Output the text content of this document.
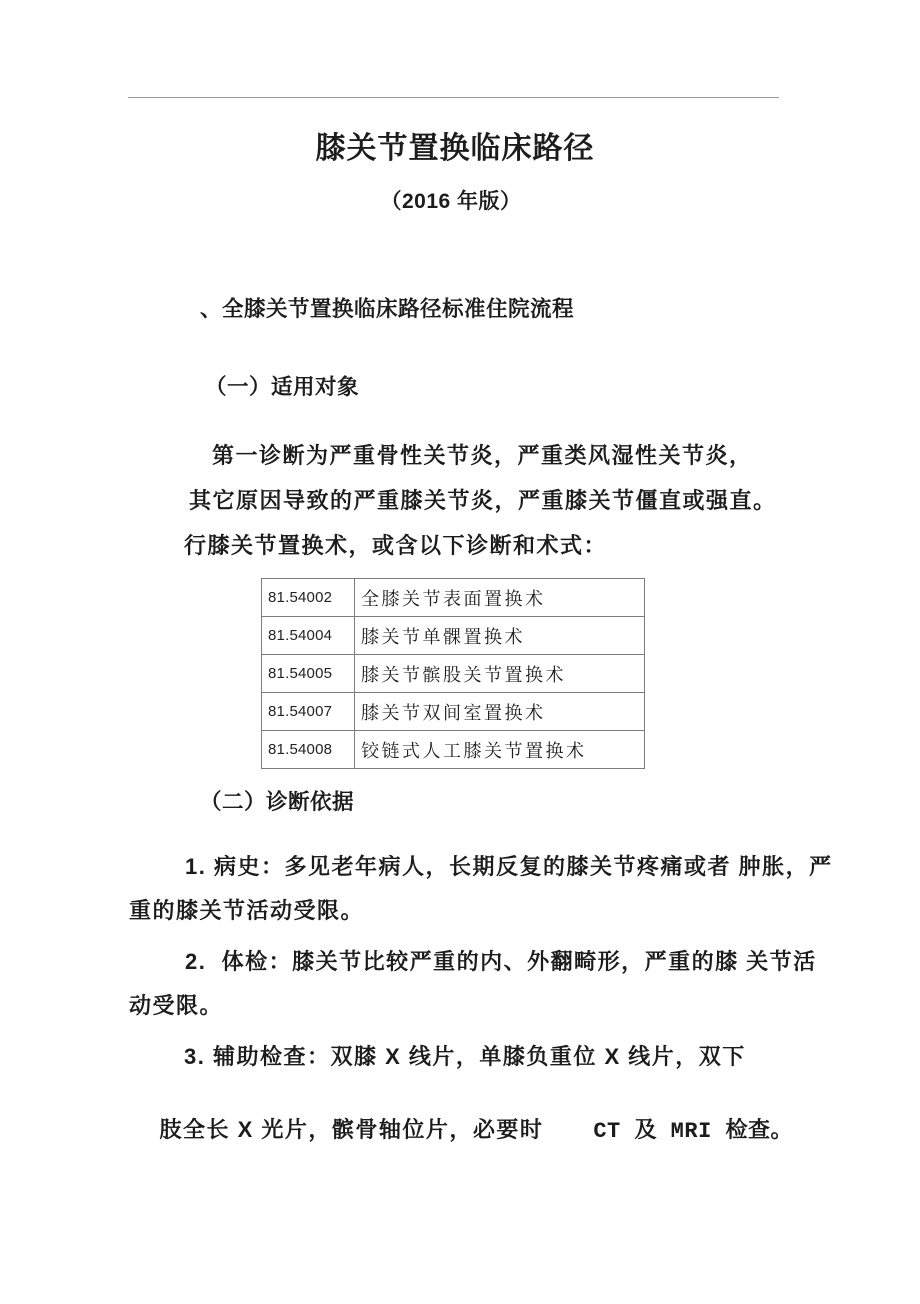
膝关节置换临床路径
（2016 年版）
、全膝关节置换临床路径标准住院流程
（一）适用对象
第一诊断为严重骨性关节炎，严重类风湿性关节炎，
其它原因导致的严重膝关节炎，严重膝关节僵直或强直。
行膝关节置换术，或含以下诊断和术式：
81.54002	全膝关节表面置换术
81.54004	膝关节单髁置换术
81.54005	膝关节髌股关节置换术
81.54007	膝关节双间室置换术
81.54008	铰链式人工膝关节置换术
（二）诊断依据
1. 病史：多见老年病人，长期反复的膝关节疼痛或者 肿胀，严
重的膝关节活动受限。
2.  体检：膝关节比较严重的内、外翻畸形，严重的膝 关节活
动受限。
3. 辅助检查：双膝 X 线片，单膝负重位 X 线片，双下

肢全长 X 光片，髌骨轴位片，必要时 CT 及 MRI 检查。
